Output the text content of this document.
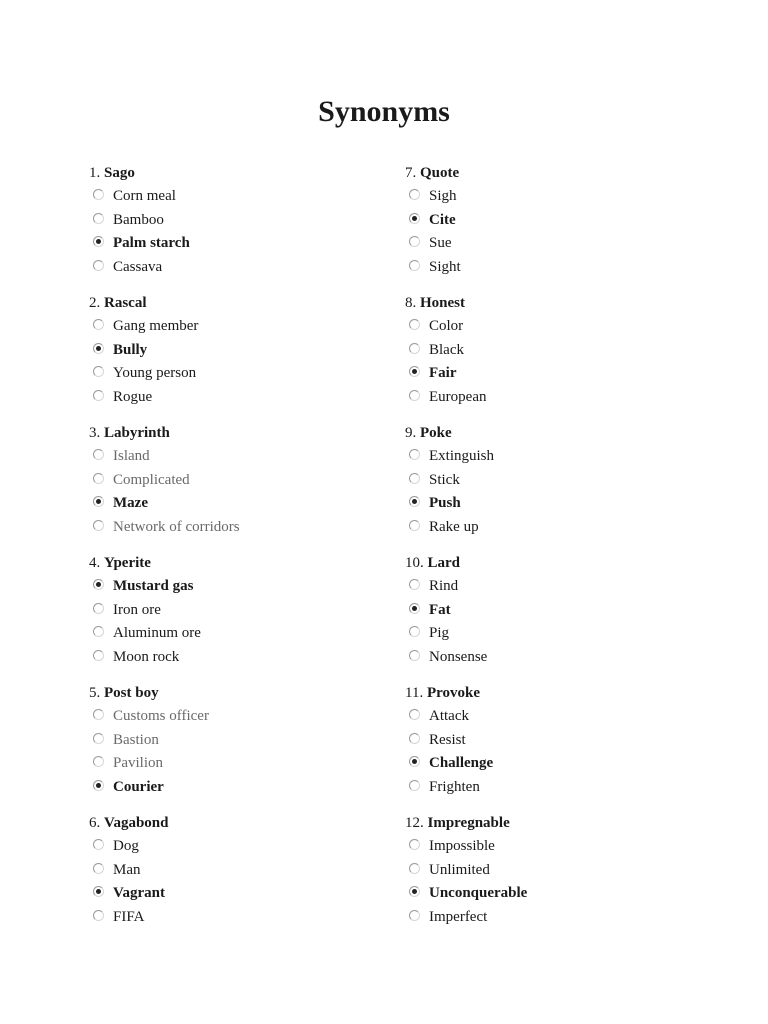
Synonyms
1. Sago
Corn meal
Bamboo
Palm starch
Cassava
2. Rascal
Gang member
Bully
Young person
Rogue
3. Labyrinth
Island
Complicated
Maze
Network of corridors
4. Yperite
Mustard gas
Iron ore
Aluminum ore
Moon rock
5. Post boy
Customs officer
Bastion
Pavilion
Courier
6. Vagabond
Dog
Man
Vagrant
FIFA
7. Quote
Sigh
Cite
Sue
Sight
8. Honest
Color
Black
Fair
European
9. Poke
Extinguish
Stick
Push
Rake up
10. Lard
Rind
Fat
Pig
Nonsense
11. Provoke
Attack
Resist
Challenge
Frighten
12. Impregnable
Impossible
Unlimited
Unconquerable
Imperfect
